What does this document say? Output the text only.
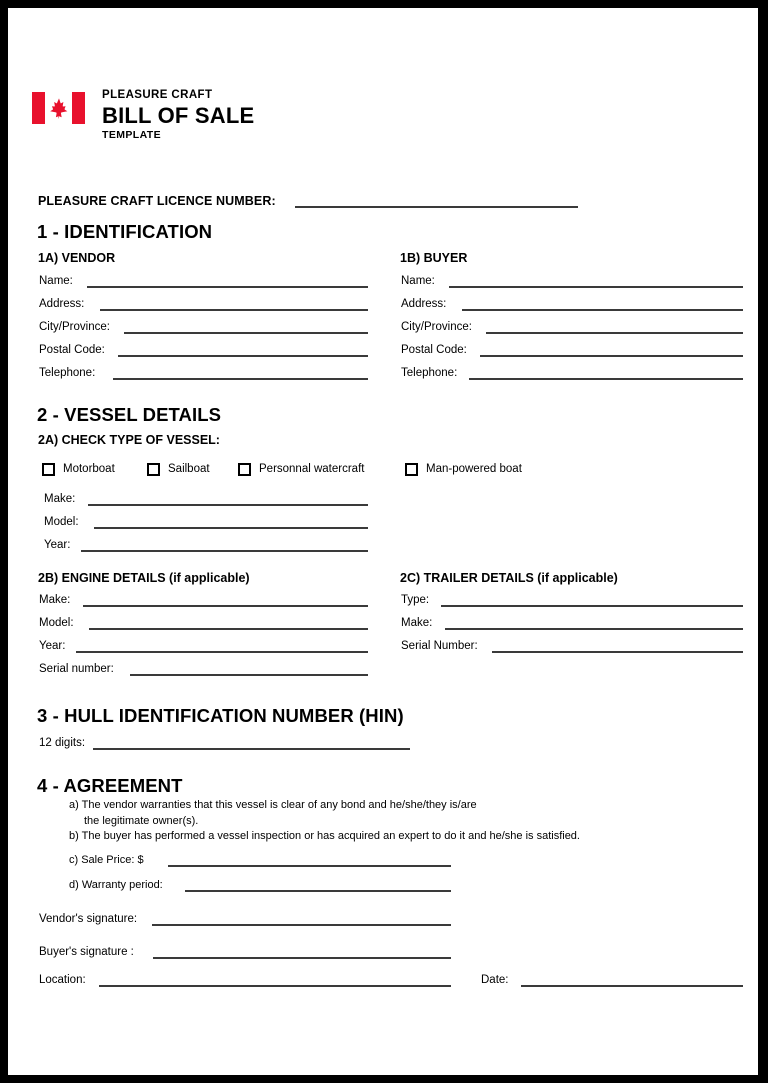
PLEASURE CRAFT
BILL OF SALE
TEMPLATE
PLEASURE CRAFT LICENCE NUMBER:
1 - IDENTIFICATION
1A) VENDOR
Name:
Address:
City/Province:
Postal Code:
Telephone:
1B) BUYER
Name:
Address:
City/Province:
Postal Code:
Telephone:
2 - VESSEL DETAILS
2A) CHECK TYPE OF VESSEL:
Motorboat	Sailboat	Personnal watercraft	Man-powered boat
Make:
Model:
Year:
2B) ENGINE DETAILS (if applicable)
Make:
Model:
Year:
Serial number:
2C) TRAILER DETAILS (if applicable)
Type:
Make:
Serial Number:
3 - HULL IDENTIFICATION NUMBER (HIN)
12 digits:
4 - AGREEMENT
a) The vendor warranties that this vessel is clear of any bond and he/she/they is/are
the legitimate owner(s).
b) The buyer has performed a vessel inspection or has acquired an expert to do it and he/she is satisfied.
c) Sale Price: $
d) Warranty period:
Vendor's signature:
Buyer's signature :
Location:	Date:
